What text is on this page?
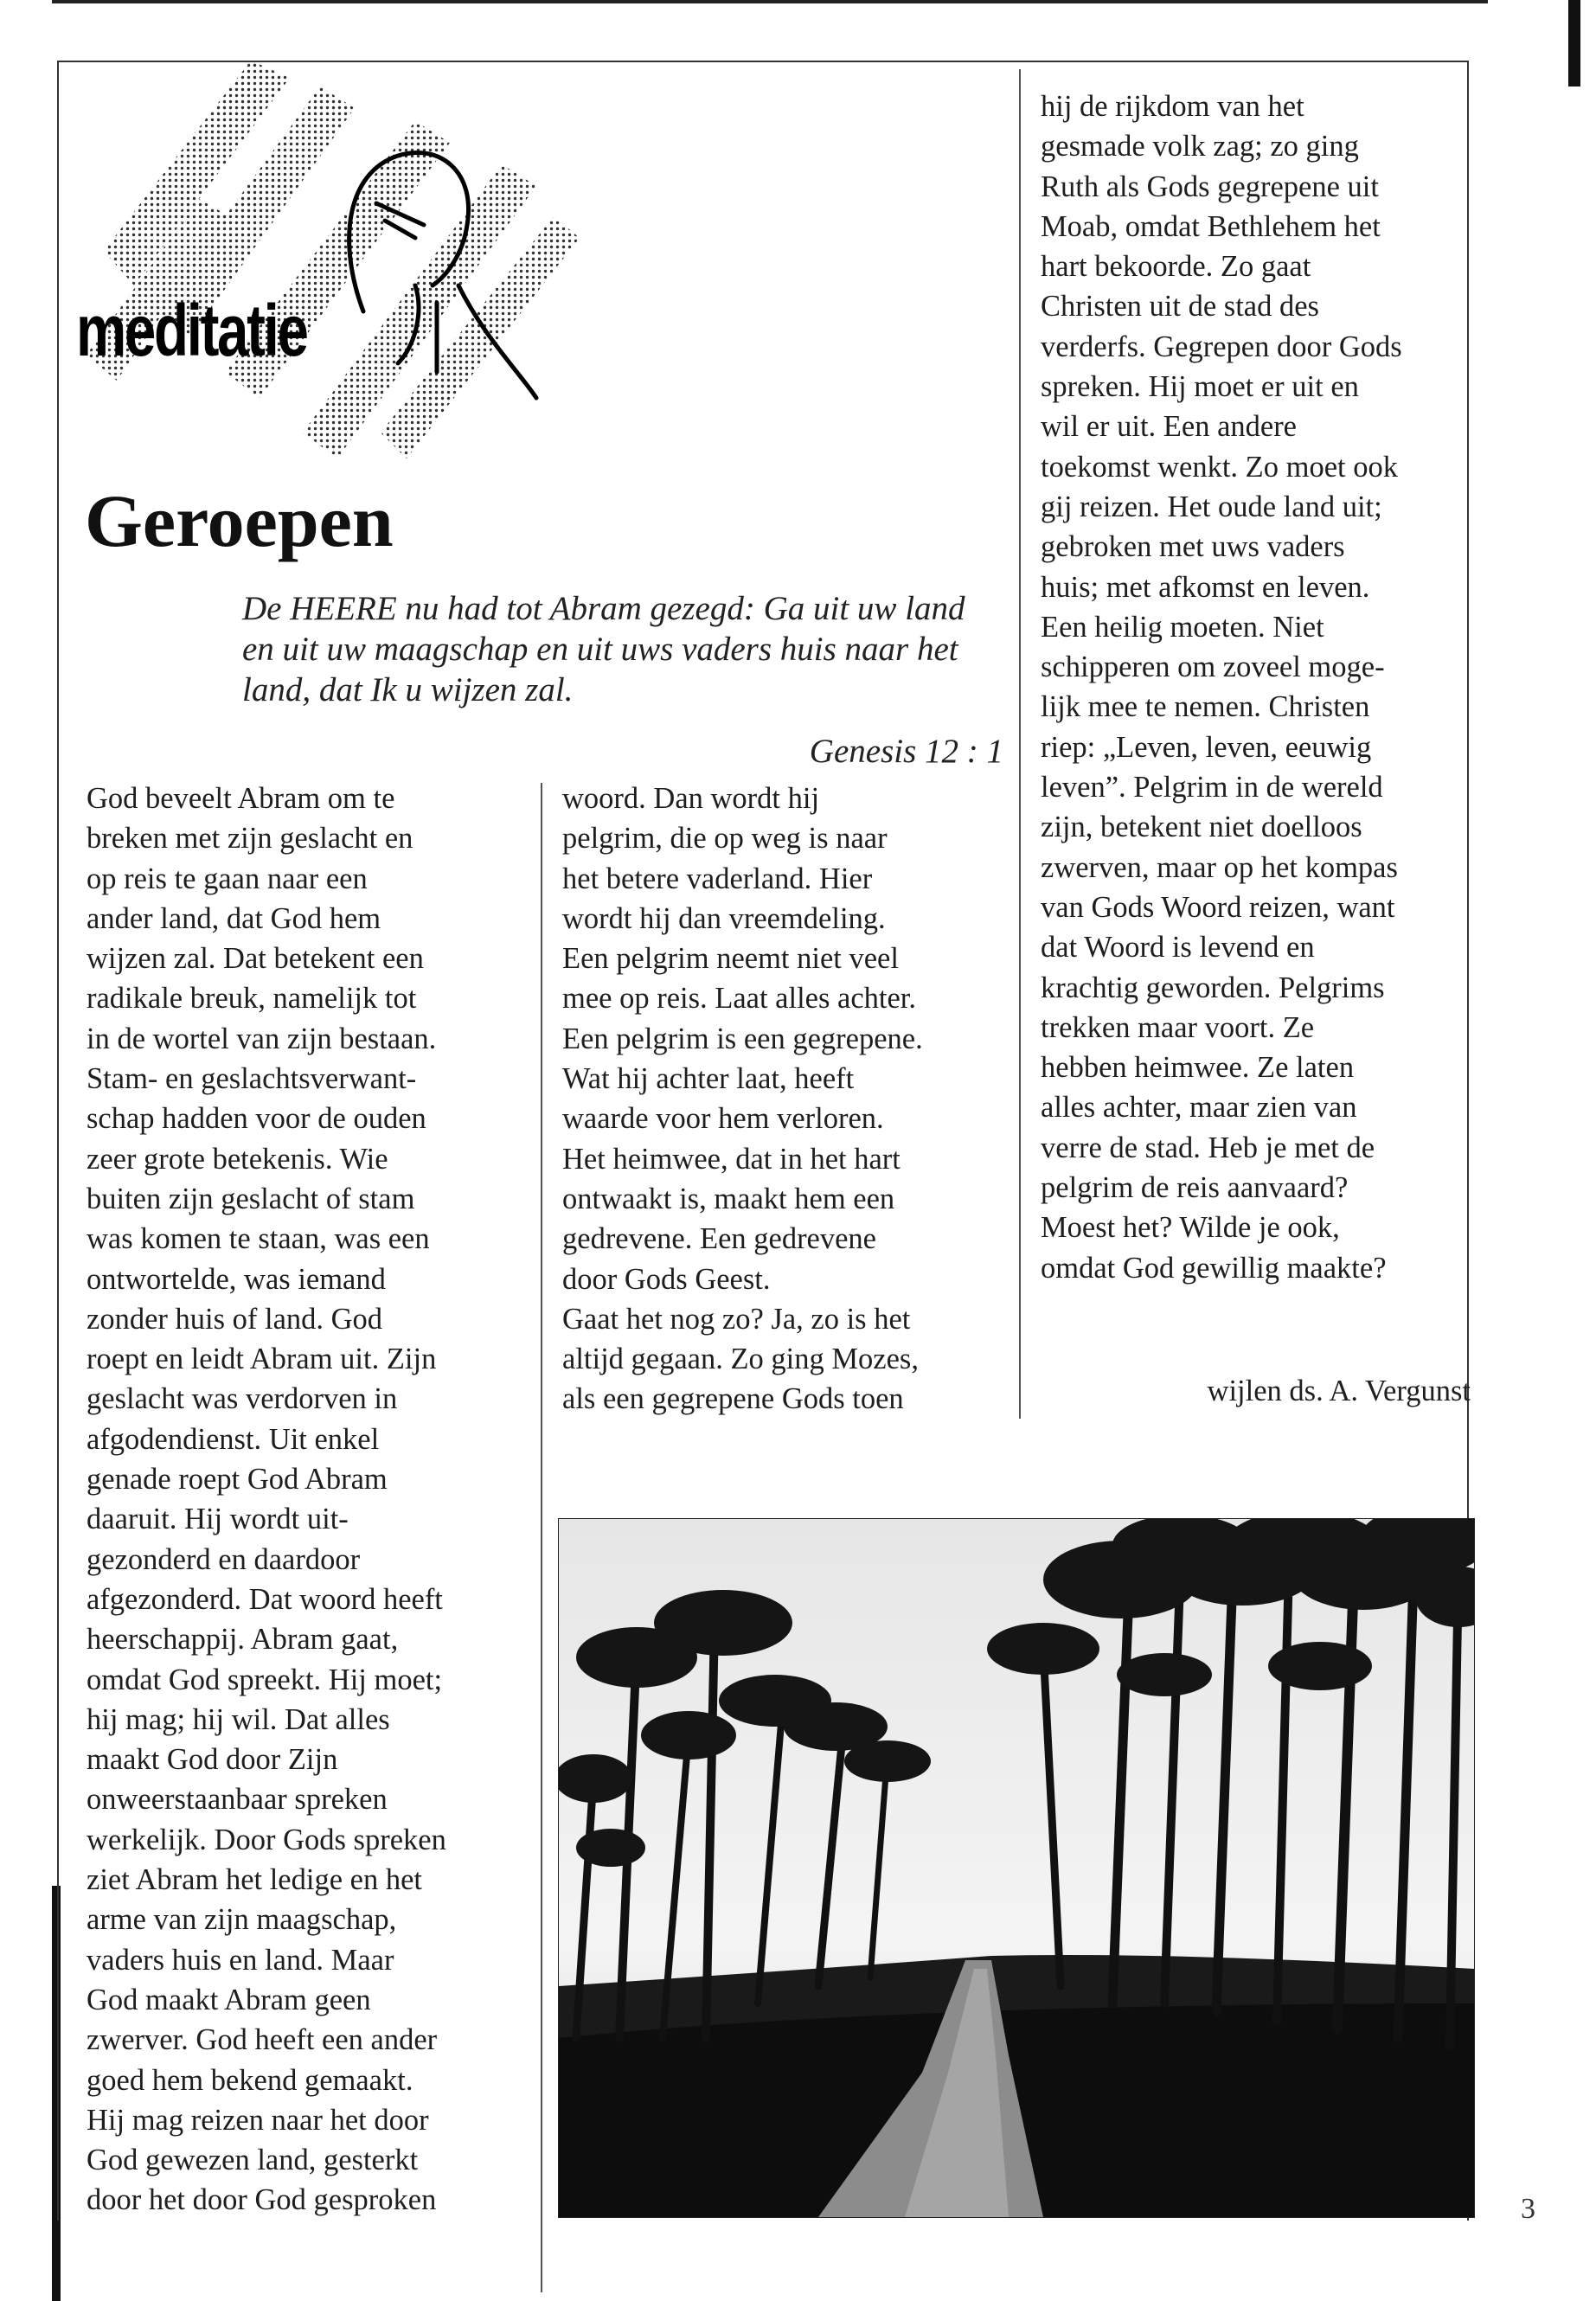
meditatie
Geroepen

De HEERE nu had tot Abram gezegd: Ga uit uw land en uit uw maagschap en uit uws vaders huis naar het land, dat Ik u wijzen zal.

Genesis 12 : 1
God beveelt Abram om te
breken met zijn geslacht en
op reis te gaan naar een
ander land, dat God hem
wijzen zal. Dat betekent een
radikale breuk, namelijk tot
in de wortel van zijn bestaan.
Stam- en geslachtsverwant-
schap hadden voor de ouden
zeer grote betekenis. Wie
buiten zijn geslacht of stam
was komen te staan, was een
ontwortelde, was iemand
zonder huis of land. God
roept en leidt Abram uit. Zijn
geslacht was verdorven in
afgodendienst. Uit enkel
genade roept God Abram
daaruit. Hij wordt uit-
gezonderd en daardoor
afgezonderd. Dat woord heeft
heerschappij. Abram gaat,
omdat God spreekt. Hij moet;
hij mag; hij wil. Dat alles
maakt God door Zijn
onweerstaanbaar spreken
werkelijk. Door Gods spreken
ziet Abram het ledige en het
arme van zijn maagschap,
vaders huis en land. Maar
God maakt Abram geen
zwerver. God heeft een ander
goed hem bekend gemaakt.
Hij mag reizen naar het door
God gewezen land, gesterkt
door het door God gesproken
woord. Dan wordt hij
pelgrim, die op weg is naar
het betere vaderland. Hier
wordt hij dan vreemdeling.
Een pelgrim neemt niet veel
mee op reis. Laat alles achter.
Een pelgrim is een gegrepene.
Wat hij achter laat, heeft
waarde voor hem verloren.
Het heimwee, dat in het hart
ontwaakt is, maakt hem een
gedrevene. Een gedrevene
door Gods Geest.
Gaat het nog zo? Ja, zo is het
altijd gegaan. Zo ging Mozes,
als een gegrepene Gods toen
hij de rijkdom van het
gesmade volk zag; zo ging
Ruth als Gods gegrepene uit
Moab, omdat Bethlehem het
hart bekoorde. Zo gaat
Christen uit de stad des
verderfs. Gegrepen door Gods
spreken. Hij moet er uit en
wil er uit. Een andere
toekomst wenkt. Zo moet ook
gij reizen. Het oude land uit;
gebroken met uws vaders
huis; met afkomst en leven.
Een heilig moeten. Niet
schipperen om zoveel moge-
lijk mee te nemen. Christen
riep: „Leven, leven, eeuwig
leven”. Pelgrim in de wereld
zijn, betekent niet doelloos
zwerven, maar op het kompas
van Gods Woord reizen, want
dat Woord is levend en
krachtig geworden. Pelgrims
trekken maar voort. Ze
hebben heimwee. Ze laten
alles achter, maar zien van
verre de stad. Heb je met de
pelgrim de reis aanvaard?
Moest het? Wilde je ook,
omdat God gewillig maakte?
wijlen ds. A. Vergunst
3
